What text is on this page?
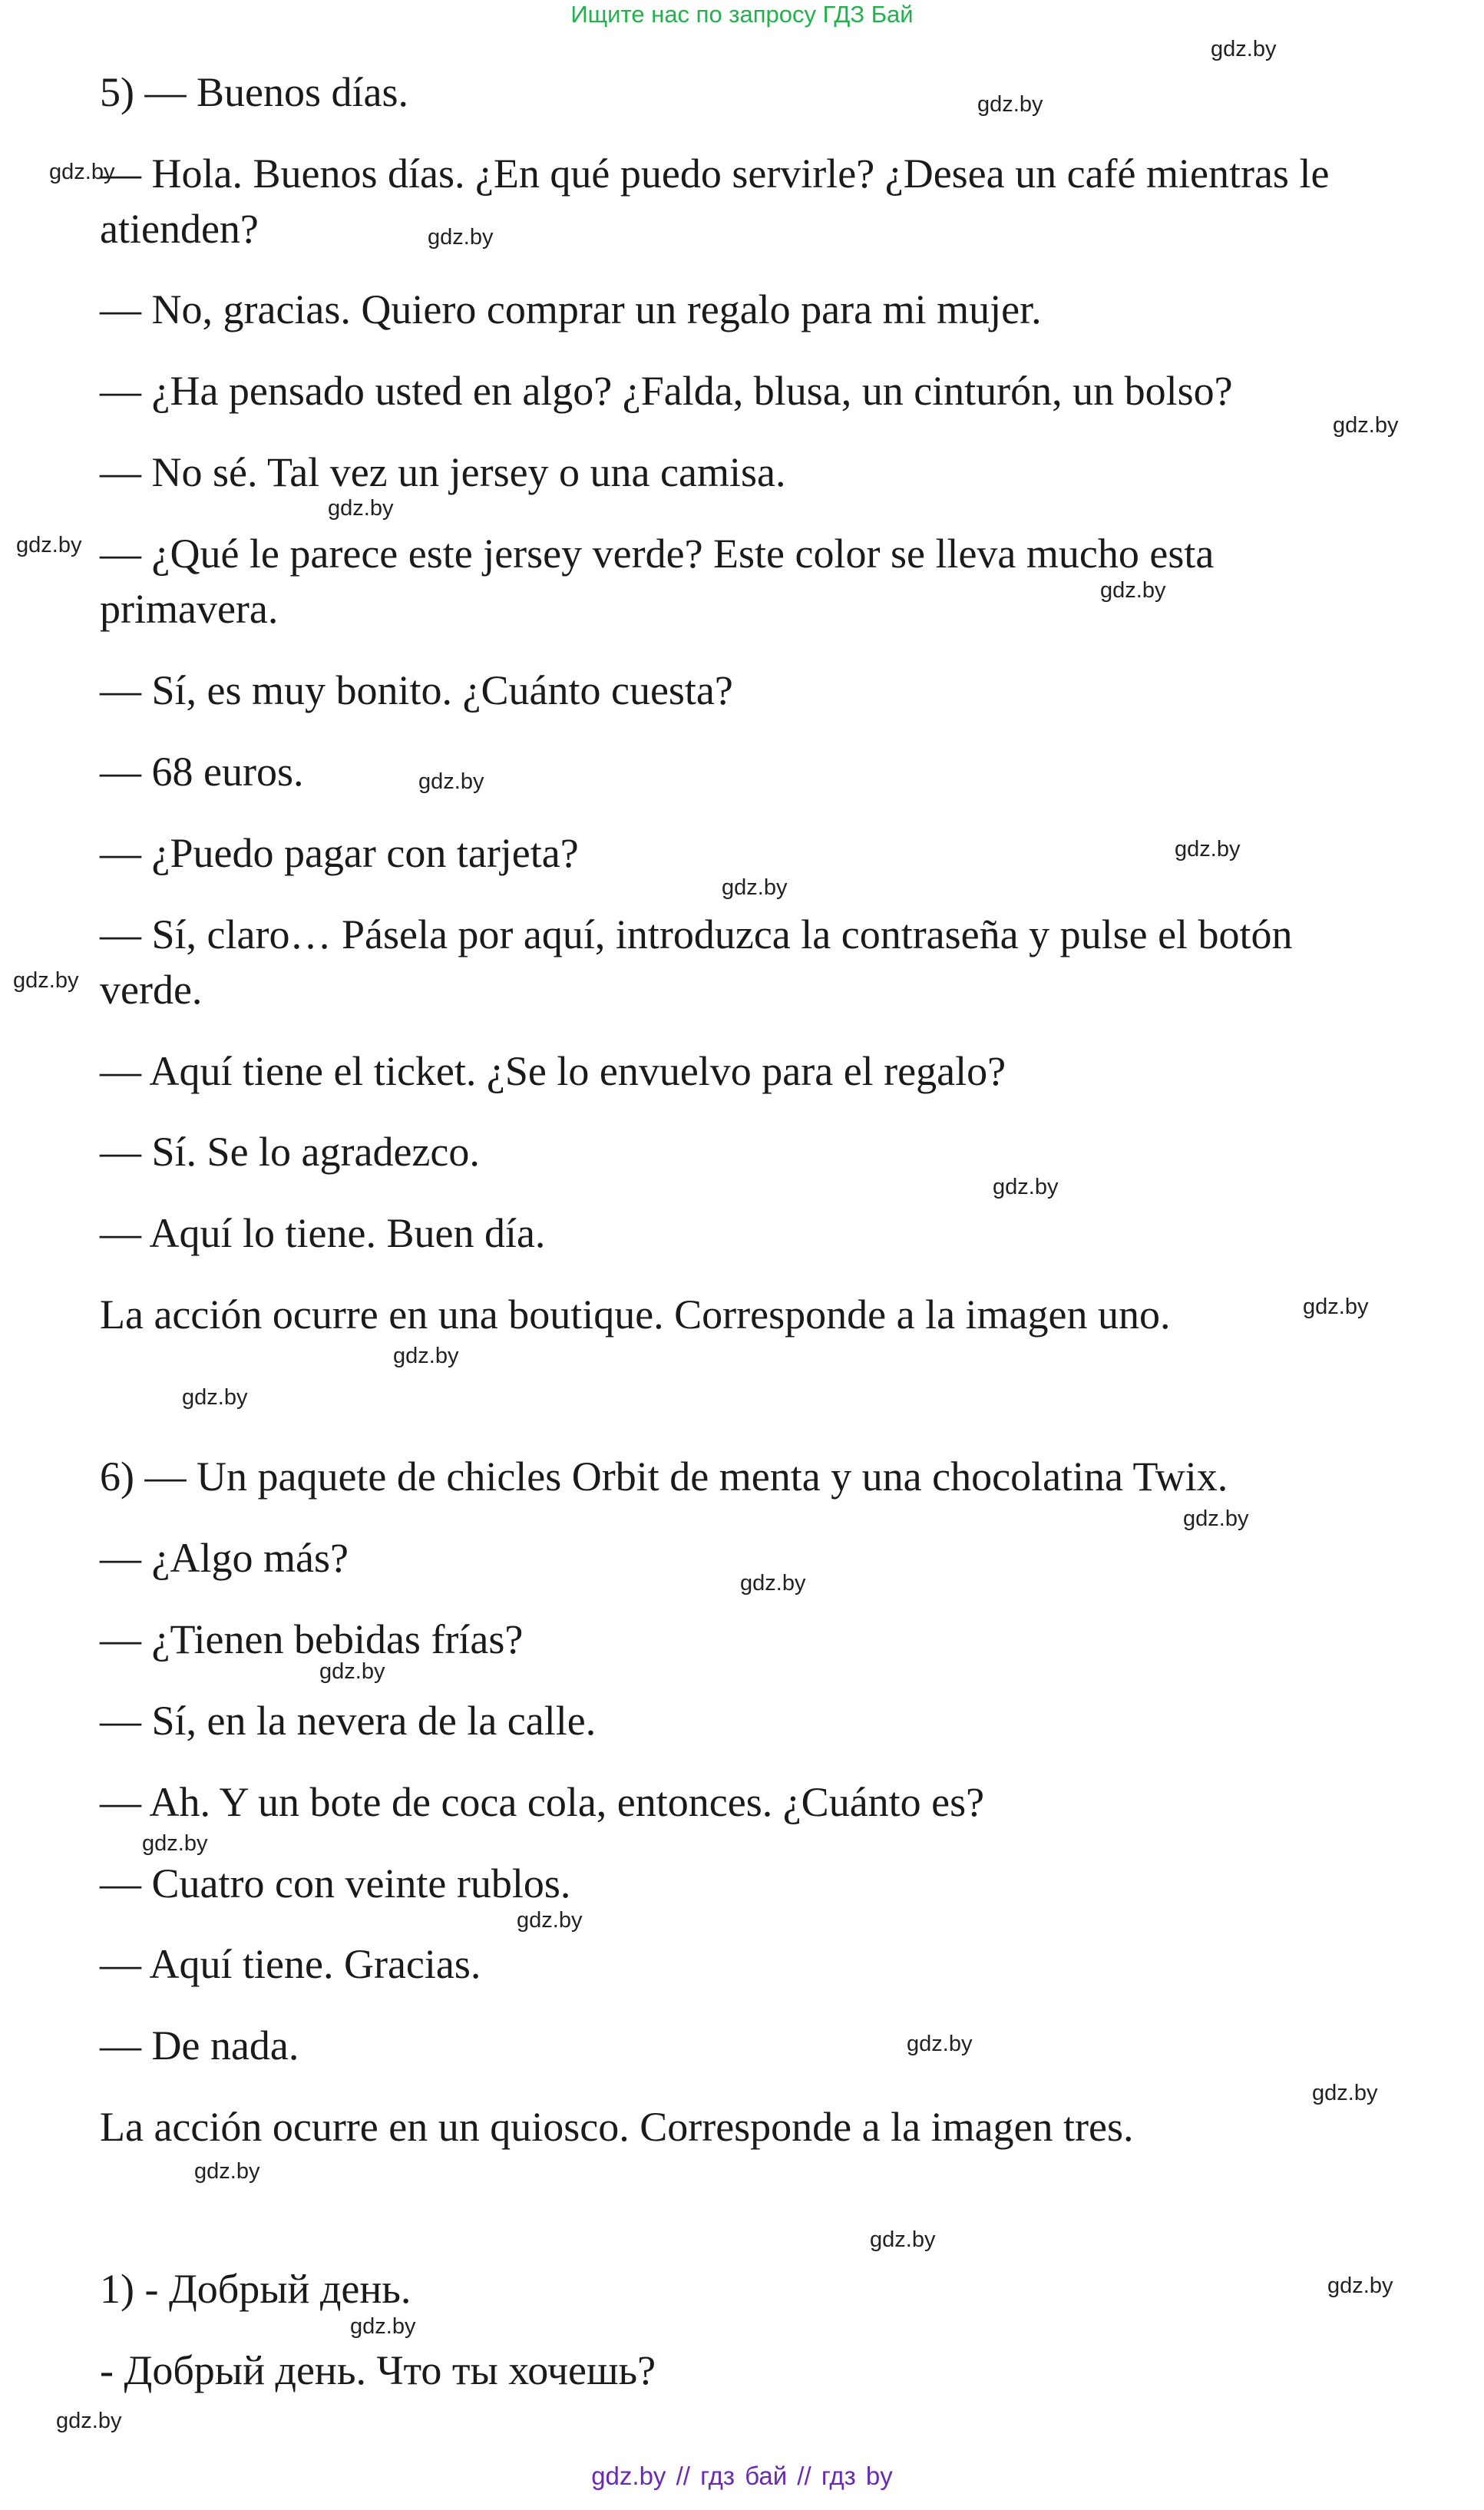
Ищите нас по запросу ГДЗ Бай

5) — Buenos días.

— Hola. Buenos días. ¿En qué puedo servirle? ¿Desea un café mientras le

atienden?

— No, gracias. Quiero comprar un regalo para mi mujer.

— ¿Ha pensado usted en algo? ¿Falda, blusa, un cinturón, un bolso?

— No sé. Tal vez un jersey o una camisa.

— ¿Qué le parece este jersey verde? Este color se lleva mucho esta

primavera.

— Sí, es muy bonito. ¿Cuánto cuesta?

— 68 euros.

— ¿Puedo pagar con tarjeta?

— Sí, claro… Pásela por aquí, introduzca la contraseña y pulse el botón

verde.

— Aquí tiene el ticket. ¿Se lo envuelvo para el regalo?

— Sí. Se lo agradezco.

— Aquí lo tiene. Buen día.

La acción ocurre en una boutique. Corresponde a la imagen uno.

6) — Un paquete de chicles Orbit de menta y una chocolatina Twix.

— ¿Algo más?

— ¿Tienen bebidas frías?

— Sí, en la nevera de la calle.

— Ah. Y un bote de coca cola, entonces. ¿Cuánto es?

— Cuatro con veinte rublos.

— Aquí tiene. Gracias.

— De nada.

La acción ocurre en un quiosco. Corresponde a la imagen tres.

1) - Добрый день.

- Добрый день. Что ты хочешь?

gdz.by
gdz.by
gdz.by
gdz.by
gdz.by
gdz.by
gdz.by
gdz.by
gdz.by
gdz.by
gdz.by
gdz.by
gdz.by
gdz.by
gdz.by
gdz.by
gdz.by
gdz.by
gdz.by
gdz.by
gdz.by
gdz.by
gdz.by
gdz.by
gdz.by
gdz.by
gdz.by
gdz.by
gdz.by // гдз бай // гдз by
